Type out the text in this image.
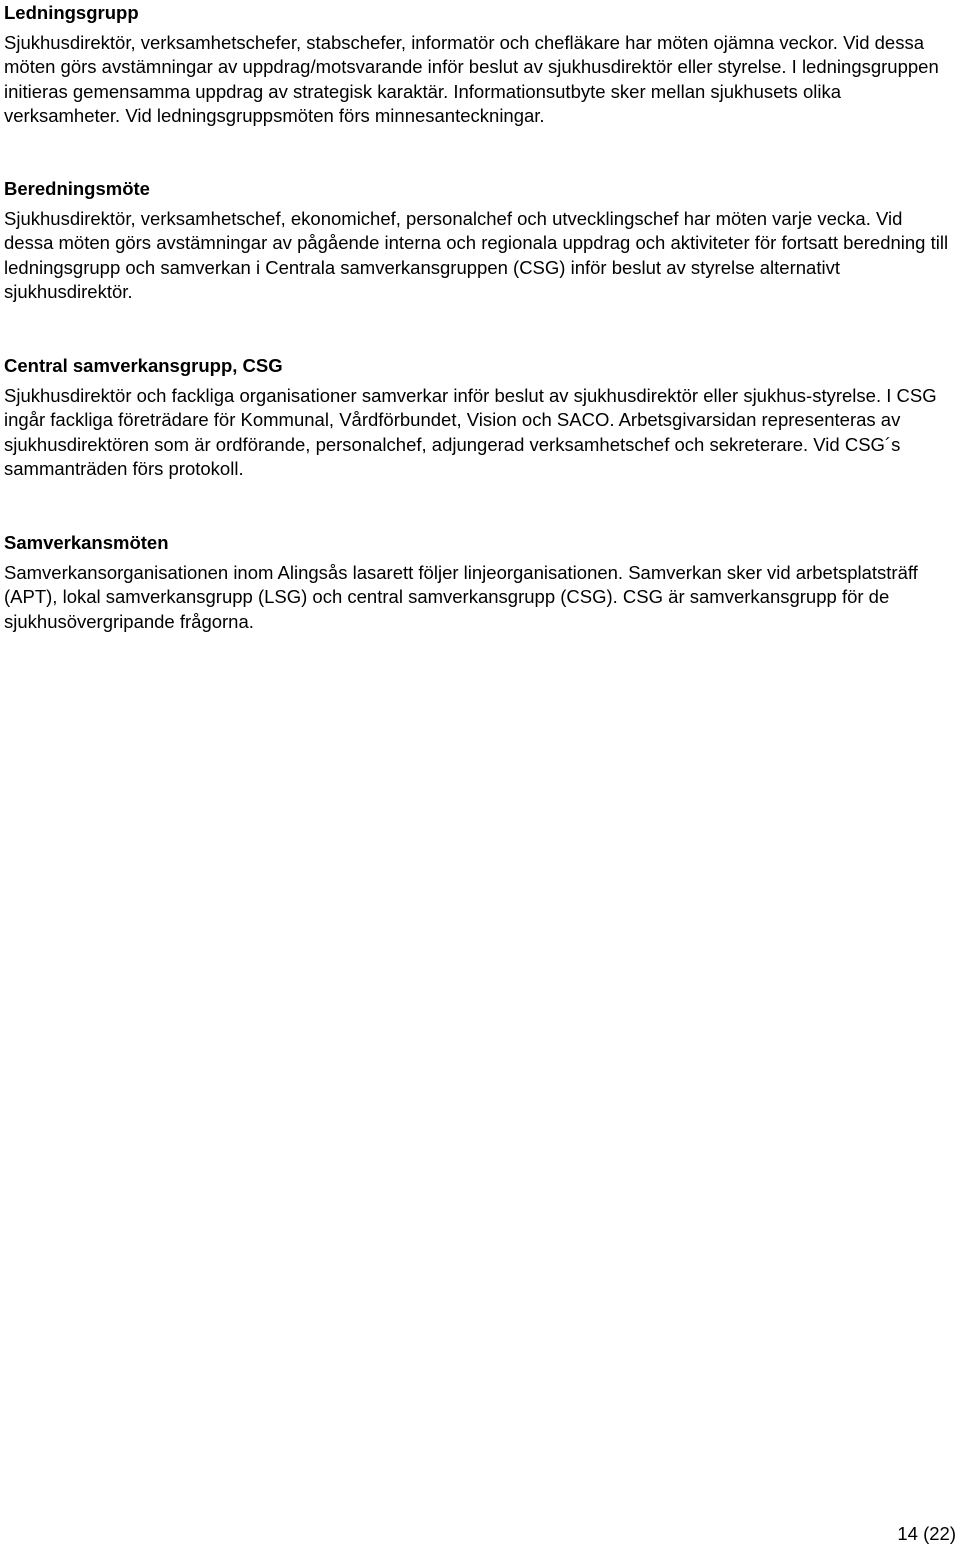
Ledningsgrupp

Sjukhusdirektör, verksamhetschefer, stabschefer, informatör och chefläkare har möten ojämna veckor. Vid dessa möten görs avstämningar av uppdrag/motsvarande inför beslut av sjukhusdirektör eller styrelse. I ledningsgruppen initieras gemensamma uppdrag av strategisk karaktär. Informationsutbyte sker mellan sjukhusets olika verksamheter. Vid ledningsgruppsmöten förs minnesanteckningar.

Beredningsmöte

Sjukhusdirektör, verksamhetschef, ekonomichef, personalchef och utvecklingschef har möten varje vecka. Vid dessa möten görs avstämningar av pågående interna och regionala uppdrag och aktiviteter för fortsatt beredning till ledningsgrupp och samverkan i Centrala samverkansgruppen (CSG) inför beslut av styrelse alternativt sjukhusdirektör.

Central samverkansgrupp, CSG

Sjukhusdirektör och fackliga organisationer samverkar inför beslut av sjukhusdirektör eller sjukhus-styrelse. I CSG ingår fackliga företrädare för Kommunal, Vårdförbundet, Vision och SACO. Arbetsgivarsidan representeras av sjukhusdirektören som är ordförande, personalchef, adjungerad verksamhetschef och sekreterare. Vid CSG´s sammanträden förs protokoll.

Samverkansmöten

Samverkansorganisationen inom Alingsås lasarett följer linjeorganisationen. Samverkan sker vid arbetsplatsträff (APT), lokal samverkansgrupp (LSG) och central samverkansgrupp (CSG). CSG är samverkansgrupp för de sjukhusövergripande frågorna.

14 (22)
